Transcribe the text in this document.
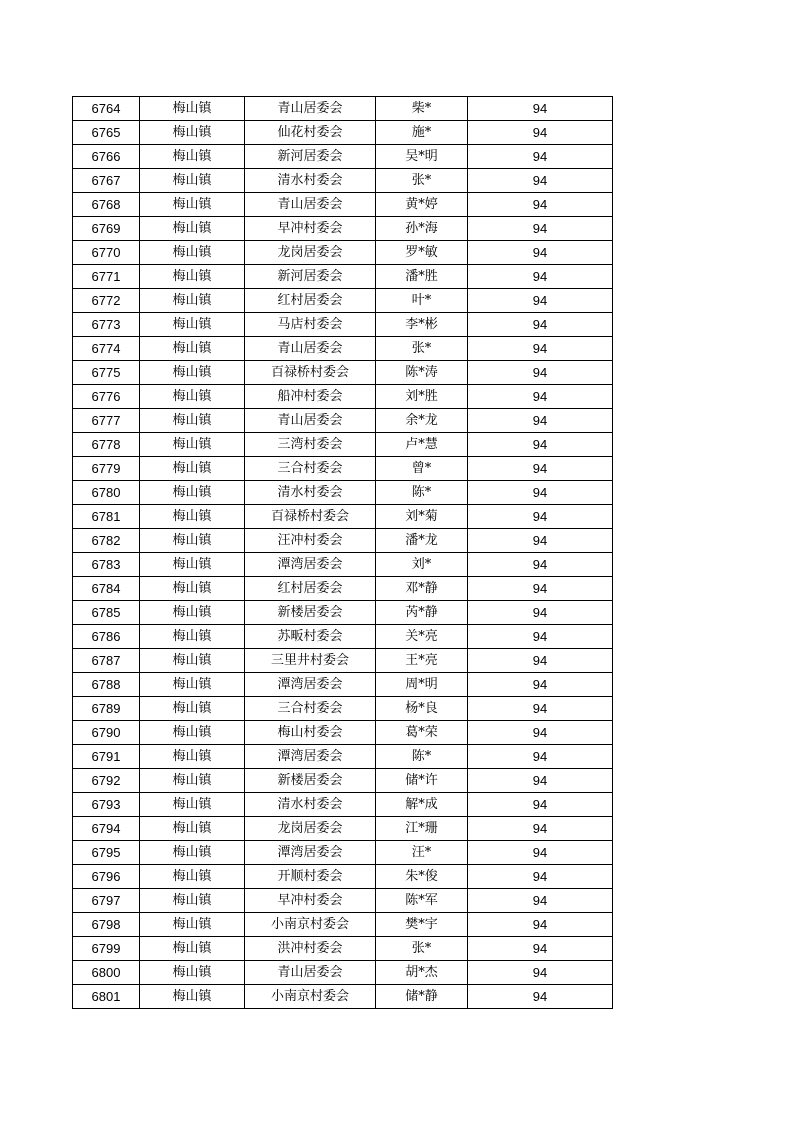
6764	梅山镇	青山居委会	柴*	94
6765	梅山镇	仙花村委会	施*	94
6766	梅山镇	新河居委会	吴*明	94
6767	梅山镇	清水村委会	张*	94
6768	梅山镇	青山居委会	黄*婷	94
6769	梅山镇	早冲村委会	孙*海	94
6770	梅山镇	龙岗居委会	罗*敏	94
6771	梅山镇	新河居委会	潘*胜	94
6772	梅山镇	红村居委会	叶*	94
6773	梅山镇	马店村委会	李*彬	94
6774	梅山镇	青山居委会	张*	94
6775	梅山镇	百禄桥村委会	陈*涛	94
6776	梅山镇	船冲村委会	刘*胜	94
6777	梅山镇	青山居委会	余*龙	94
6778	梅山镇	三湾村委会	卢*慧	94
6779	梅山镇	三合村委会	曾*	94
6780	梅山镇	清水村委会	陈*	94
6781	梅山镇	百禄桥村委会	刘*菊	94
6782	梅山镇	汪冲村委会	潘*龙	94
6783	梅山镇	潭湾居委会	刘*	94
6784	梅山镇	红村居委会	邓*静	94
6785	梅山镇	新楼居委会	芮*静	94
6786	梅山镇	苏畈村委会	关*亮	94
6787	梅山镇	三里井村委会	王*亮	94
6788	梅山镇	潭湾居委会	周*明	94
6789	梅山镇	三合村委会	杨*良	94
6790	梅山镇	梅山村委会	葛*荣	94
6791	梅山镇	潭湾居委会	陈*	94
6792	梅山镇	新楼居委会	储*许	94
6793	梅山镇	清水村委会	解*成	94
6794	梅山镇	龙岗居委会	江*珊	94
6795	梅山镇	潭湾居委会	汪*	94
6796	梅山镇	开顺村委会	朱*俊	94
6797	梅山镇	早冲村委会	陈*军	94
6798	梅山镇	小南京村委会	樊*宇	94
6799	梅山镇	洪冲村委会	张*	94
6800	梅山镇	青山居委会	胡*杰	94
6801	梅山镇	小南京村委会	储*静	94
